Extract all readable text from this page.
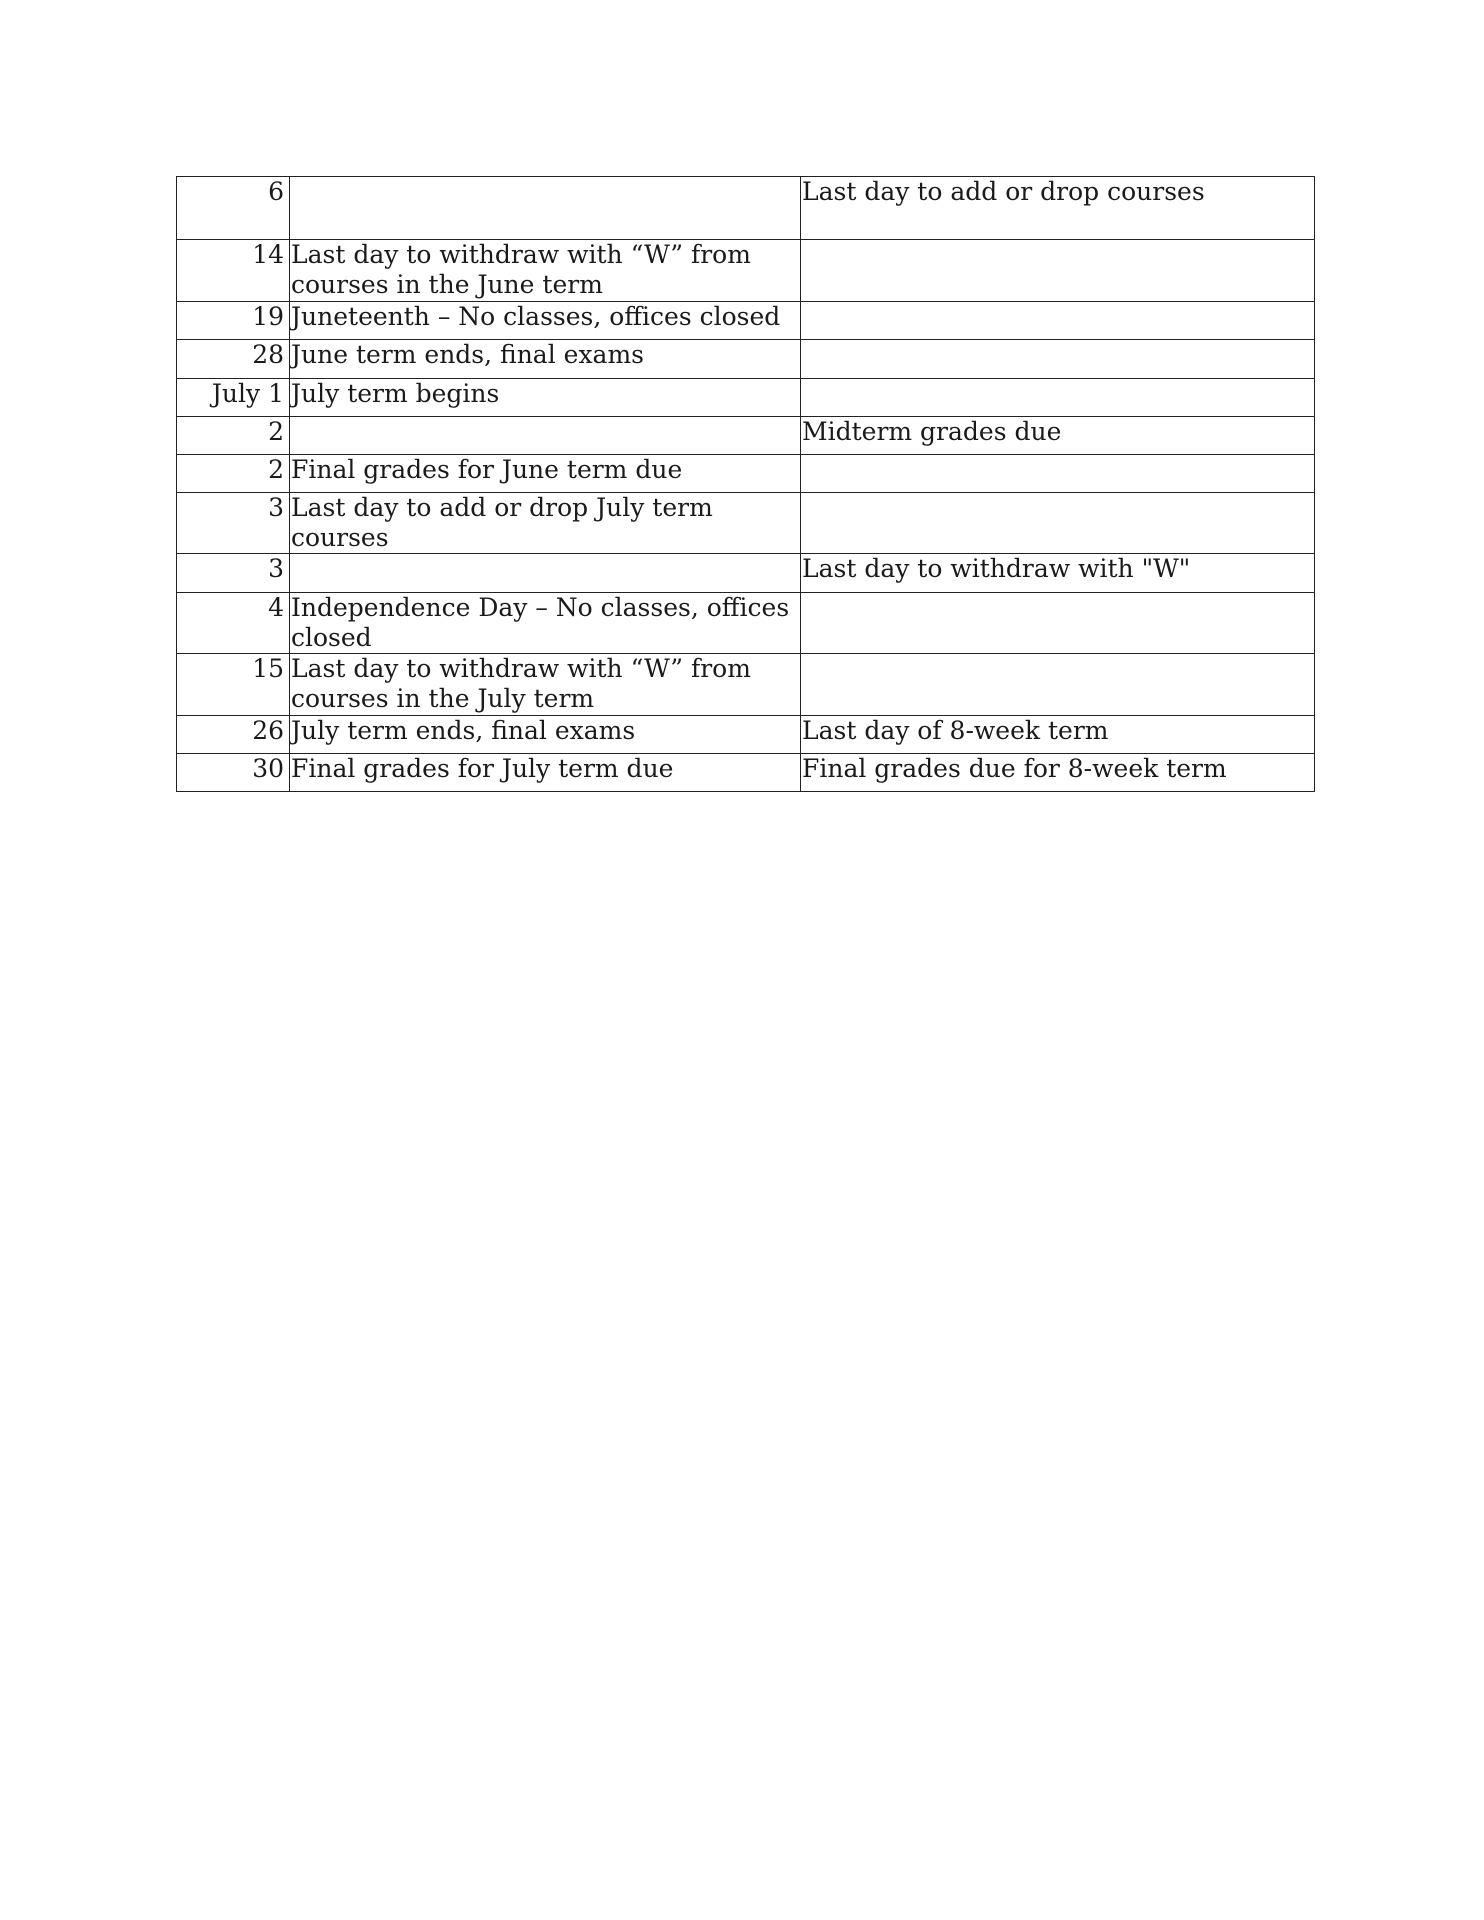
6		Last day to add or drop courses
14	Last day to withdraw with “W” from courses in the June term	
19	Juneteenth – No classes, offices closed	
28	June term ends, final exams	
July 1	July term begins	
2		Midterm grades due
2	Final grades for June term due	
3	Last day to add or drop July term courses	
3		Last day to withdraw with "W"
4	Independence Day – No classes, offices closed	
15	Last day to withdraw with “W” from courses in the July term	
26	July term ends, final exams	Last day of 8-week term
30	Final grades for July term due	Final grades due for 8-week term
